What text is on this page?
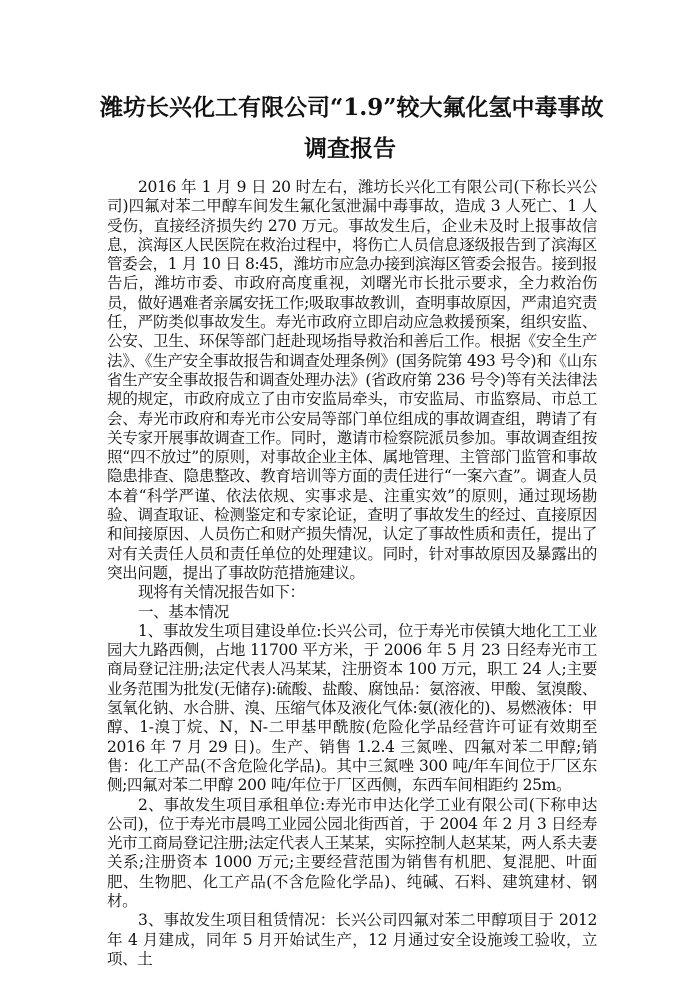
潍坊长兴化工有限公司“1.9”较大氟化氢中毒事故
调查报告

2016 年 1 月 9 日 20 时左右，潍坊长兴化工有限公司(下称长兴公司)四氟对苯二甲醇车间发生氟化氢泄漏中毒事故，造成 3 人死亡、1 人受伤，直接经济损失约 270 万元。事故发生后，企业未及时上报事故信息，滨海区人民医院在救治过程中，将伤亡人员信息逐级报告到了滨海区管委会，1 月 10 日 8:45，潍坊市应急办接到滨海区管委会报告。接到报告后，潍坊市委、市政府高度重视，刘曙光市长批示要求，全力救治伤员，做好遇难者亲属安抚工作;吸取事故教训，查明事故原因，严肃追究责任，严防类似事故发生。寿光市政府立即启动应急救援预案，组织安监、公安、卫生、环保等部门赶赴现场指导救治和善后工作。根据《安全生产法》、《生产安全事故报告和调查处理条例》(国务院第 493 号令)和《山东省生产安全事故报告和调查处理办法》(省政府第 236 号令)等有关法律法规的规定，市政府成立了由市安监局牵头，市安监局、市监察局、市总工会、寿光市政府和寿光市公安局等部门单位组成的事故调查组，聘请了有关专家开展事故调查工作。同时，邀请市检察院派员参加。事故调查组按照“四不放过”的原则，对事故企业主体、属地管理、主管部门监管和事故隐患排查、隐患整改、教育培训等方面的责任进行“一案六查”。调查人员本着“科学严谨、依法依规、实事求是、注重实效”的原则，通过现场勘验、调查取证、检测鉴定和专家论证，查明了事故发生的经过、直接原因和间接原因、人员伤亡和财产损失情况，认定了事故性质和责任，提出了对有关责任人员和责任单位的处理建议。同时，针对事故原因及暴露出的突出问题，提出了事故防范措施建议。

现将有关情况报告如下：

一、基本情况

1、事故发生项目建设单位:长兴公司，位于寿光市侯镇大地化工工业园大九路西侧，占地 11700 平方米，于 2006 年 5 月 23 日经寿光市工商局登记注册;法定代表人冯某某，注册资本 100 万元，职工 24 人;主要业务范围为批发(无储存):硫酸、盐酸、腐蚀品：氨溶液、甲酸、氢溴酸、氢氧化钠、水合肼、溴、压缩气体及液化气体:氨(液化的)、易燃液体：甲醇、1-溴丁烷、N，N-二甲基甲酰胺(危险化学品经营许可证有效期至 2016 年 7 月 29 日)。生产、销售 1.2.4 三氮唑、四氟对苯二甲醇;销售：化工产品(不含危险化学品)。其中三氮唑 300 吨/年车间位于厂区东侧;四氟对苯二甲醇 200 吨/年位于厂区西侧，东西车间相距约 25m。

2、事故发生项目承租单位:寿光市申达化学工业有限公司(下称申达公司)，位于寿光市晨鸣工业园公园北街西首，于 2004 年 2 月 3 日经寿光市工商局登记注册;法定代表人王某某，实际控制人赵某某，两人系夫妻关系;注册资本 1000 万元;主要经营范围为销售有机肥、复混肥、叶面肥、生物肥、化工产品(不含危险化学品)、纯碱、石料、建筑建材、钢材。

3、事故发生项目租赁情况：长兴公司四氟对苯二甲醇项目于 2012 年 4 月建成，同年 5 月开始试生产，12 月通过安全设施竣工验收，立项、土
